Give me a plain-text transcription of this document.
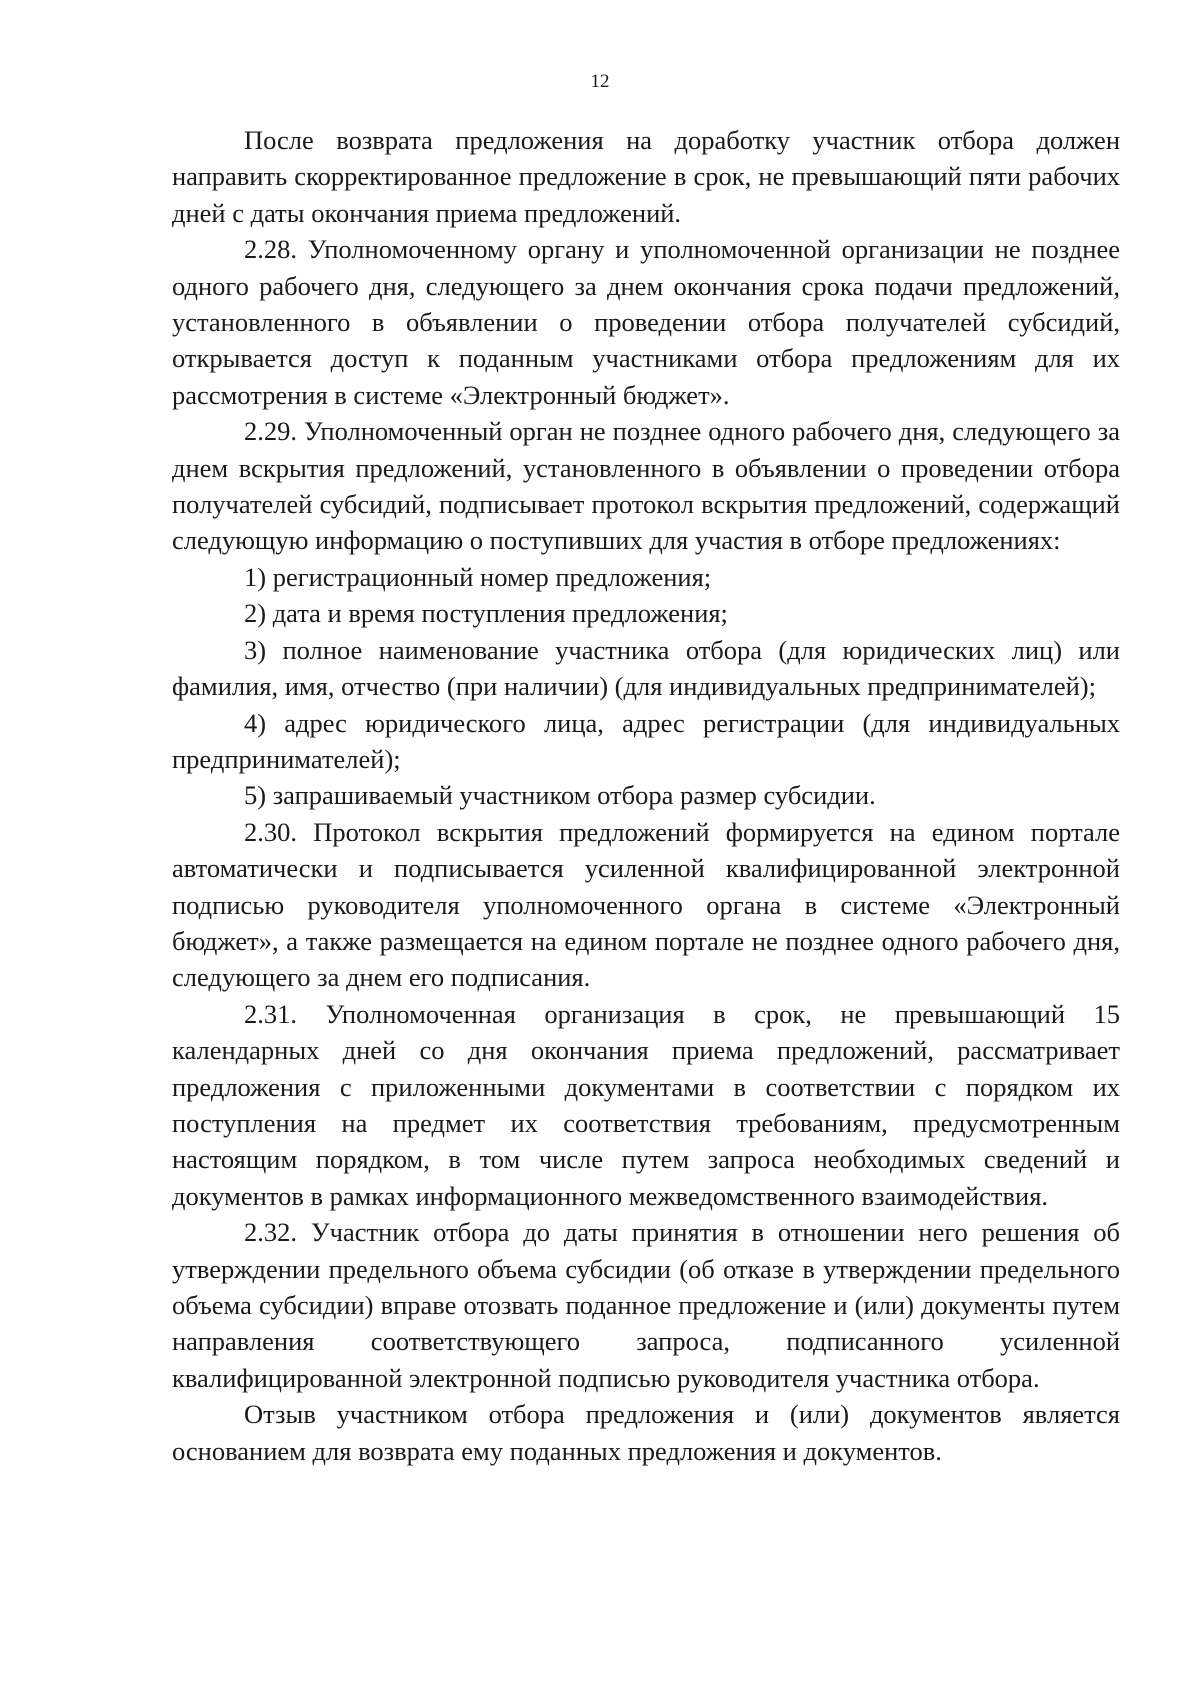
12

После возврата предложения на доработку участник отбора должен направить скорректированное предложение в срок, не превышающий пяти рабочих дней с даты окончания приема предложений.

2.28. Уполномоченному органу и уполномоченной организации не позднее одного рабочего дня, следующего за днем окончания срока подачи предложений, установленного в объявлении о проведении отбора получателей субсидий, открывается доступ к поданным участниками отбора предложениям для их рассмотрения в системе «Электронный бюджет».

2.29. Уполномоченный орган не позднее одного рабочего дня, следующего за днем вскрытия предложений, установленного в объявлении о проведении отбора получателей субсидий, подписывает протокол вскрытия предложений, содержащий следующую информацию о поступивших для участия в отборе предложениях:

1) регистрационный номер предложения;

2) дата и время поступления предложения;

3) полное наименование участника отбора (для юридических лиц) или фамилия, имя, отчество (при наличии) (для индивидуальных предпринимателей);

4) адрес юридического лица, адрес регистрации (для индивидуальных предпринимателей);

5) запрашиваемый участником отбора размер субсидии.

2.30. Протокол вскрытия предложений формируется на едином портале автоматически и подписывается усиленной квалифицированной электронной подписью руководителя уполномоченного органа в системе «Электронный бюджет», а также размещается на едином портале не позднее одного рабочего дня, следующего за днем его подписания.

2.31. Уполномоченная организация в срок, не превышающий 15 календарных дней со дня окончания приема предложений, рассматривает предложения с приложенными документами в соответствии с порядком их поступления на предмет их соответствия требованиям, предусмотренным настоящим порядком, в том числе путем запроса необходимых сведений и документов в рамках информационного межведомственного взаимодействия.

2.32. Участник отбора до даты принятия в отношении него решения об утверждении предельного объема субсидии (об отказе в утверждении предельного объема субсидии) вправе отозвать поданное предложение и (или) документы путем направления соответствующего запроса, подписанного усиленной квалифицированной электронной подписью руководителя участника отбора.

Отзыв участником отбора предложения и (или) документов является основанием для возврата ему поданных предложения и документов.
